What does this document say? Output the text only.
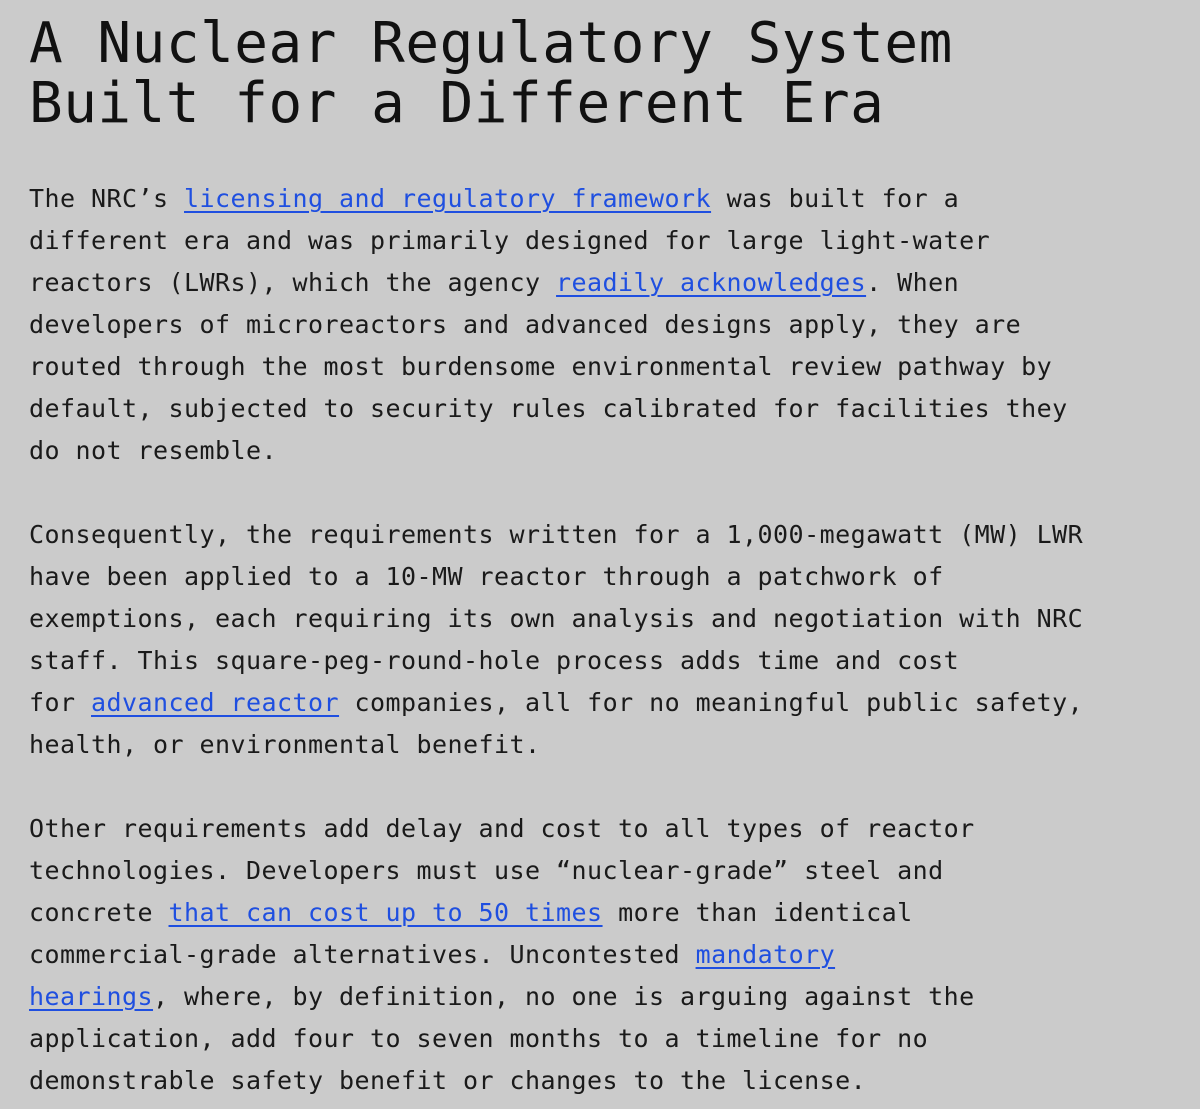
A Nuclear Regulatory System
Built for a Different Era

The NRC’s licensing and regulatory framework was built for a
different era and was primarily designed for large light-water
reactors (LWRs), which the agency readily acknowledges. When
developers of microreactors and advanced designs apply, they are
routed through the most burdensome environmental review pathway by
default, subjected to security rules calibrated for facilities they
do not resemble.

Consequently, the requirements written for a 1,000-megawatt (MW) LWR
have been applied to a 10-MW reactor through a patchwork of
exemptions, each requiring its own analysis and negotiation with NRC
staff. This square-peg-round-hole process adds time and cost
for advanced reactor companies, all for no meaningful public safety,
health, or environmental benefit.

Other requirements add delay and cost to all types of reactor
technologies. Developers must use “nuclear-grade” steel and
concrete that can cost up to 50 times more than identical
commercial-grade alternatives. Uncontested mandatory
hearings, where, by definition, no one is arguing against the
application, add four to seven months to a timeline for no
demonstrable safety benefit or changes to the license.
